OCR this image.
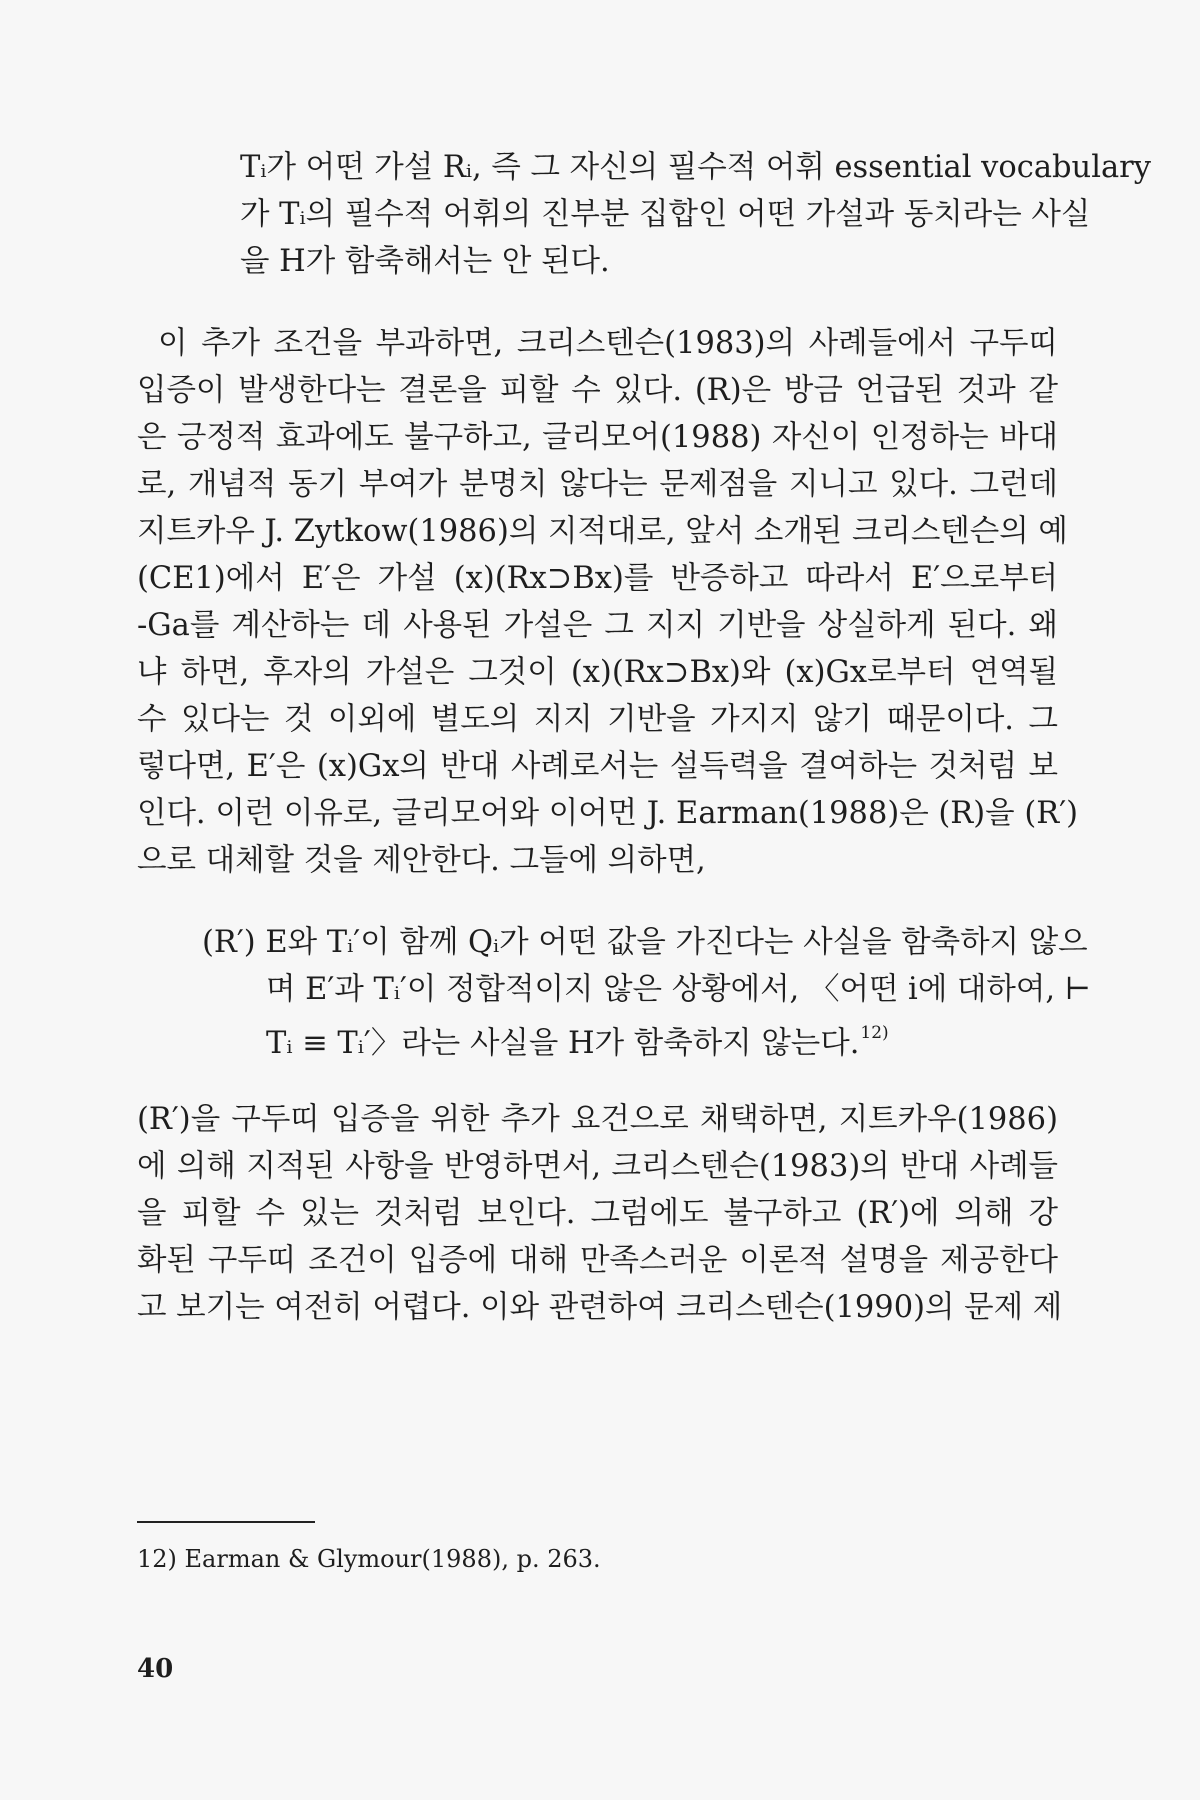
Tᵢ가 어떤 가설 Rᵢ, 즉 그 자신의 필수적 어휘 essential vocabulary
가 Tᵢ의 필수적 어휘의 진부분 집합인 어떤 가설과 동치라는 사실
을 H가 함축해서는 안 된다.
이 추가 조건을 부과하면, 크리스텐슨(1983)의 사례들에서 구두띠
입증이 발생한다는 결론을 피할 수 있다. (R)은 방금 언급된 것과 같
은 긍정적 효과에도 불구하고, 글리모어(1988) 자신이 인정하는 바대
로, 개념적 동기 부여가 분명치 않다는 문제점을 지니고 있다. 그런데
지트카우 J. Zytkow(1986)의 지적대로, 앞서 소개된 크리스텐슨의 예
(CE1)에서 E′은 가설 (x)(Rx⊃Bx)를 반증하고 따라서 E′으로부터
-Ga를 계산하는 데 사용된 가설은 그 지지 기반을 상실하게 된다. 왜
냐 하면, 후자의 가설은 그것이 (x)(Rx⊃Bx)와 (x)Gx로부터 연역될
수 있다는 것 이외에 별도의 지지 기반을 가지지 않기 때문이다. 그
렇다면, E′은 (x)Gx의 반대 사례로서는 설득력을 결여하는 것처럼 보
인다. 이런 이유로, 글리모어와 이어먼 J. Earman(1988)은 (R)을 (R′)
으로 대체할 것을 제안한다. 그들에 의하면,
(R′) E와 Tᵢ′이 함께 Qᵢ가 어떤 값을 가진다는 사실을 함축하지 않으
며 E′과 Tᵢ′이 정합적이지 않은 상황에서, 〈어떤 i에 대하여, ⊢
Tᵢ ≡ Tᵢ′〉라는 사실을 H가 함축하지 않는다.$^{12)}$
(R′)을 구두띠 입증을 위한 추가 요건으로 채택하면, 지트카우(1986)
에 의해 지적된 사항을 반영하면서, 크리스텐슨(1983)의 반대 사례들
을 피할 수 있는 것처럼 보인다. 그럼에도 불구하고 (R′)에 의해 강
화된 구두띠 조건이 입증에 대해 만족스러운 이론적 설명을 제공한다
고 보기는 여전히 어렵다. 이와 관련하여 크리스텐슨(1990)의 문제 제
12) Earman & Glymour(1988), p. 263.
40
